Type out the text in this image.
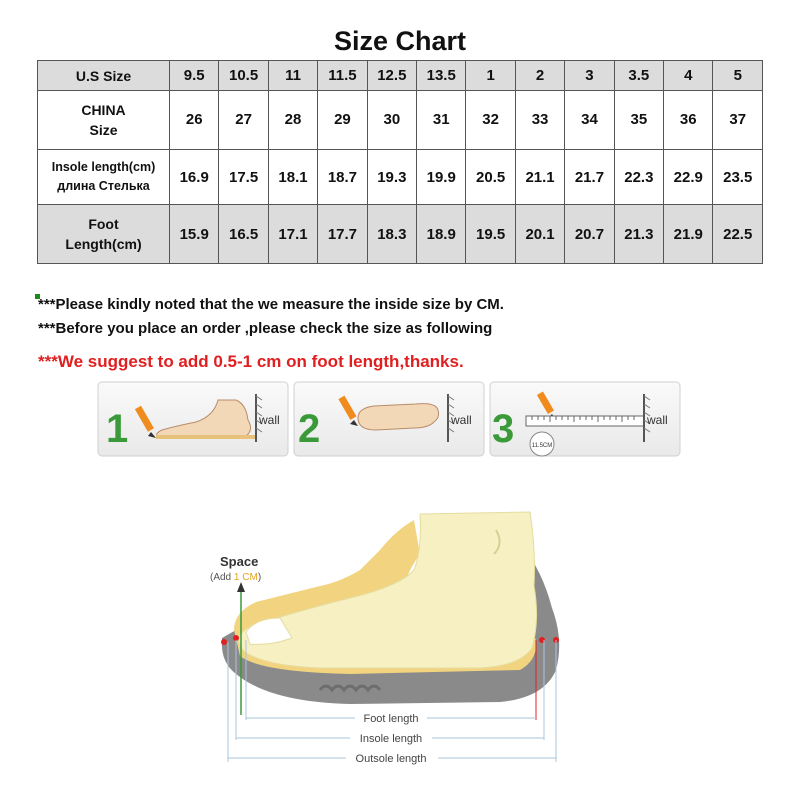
Size Chart
U.S Size	9.5	10.5	11	11.5	12.5	13.5	1	2	3	3.5	4	5

CHINA
Size	26	27	28	29	30	31	32	33	34	35	36	37

Insole length(cm)
длина Стелька	16.9	17.5	18.1	18.7	19.3	19.9	20.5	21.1	21.7	22.3	22.9	23.5

Foot
Length(cm)	15.9	16.5	17.1	17.7	18.3	18.9	19.5	20.1	20.7	21.3	21.9	22.5
***Please kindly noted that the we measure the inside size by CM.
***Before you place an order ,please check the size as following
***We suggest to add 0.5-1 cm on foot length,thanks.
1	wall 2	wall 3	11.5CM
wall
Foot length
Insole length
Outsole length
Space
(Add 1 CM)
